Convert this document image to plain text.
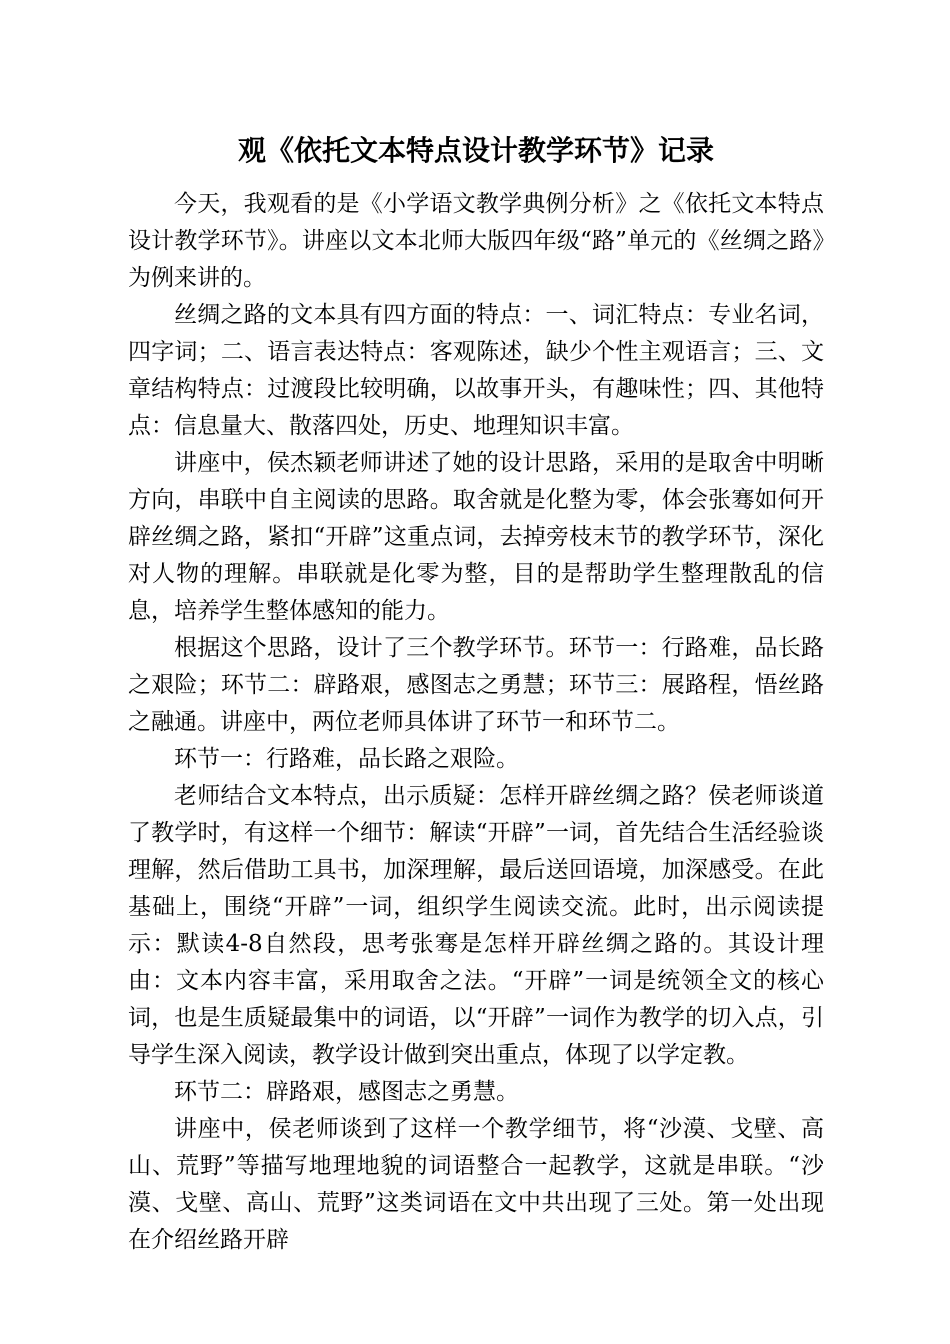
观《依托文本特点设计教学环节》记录

今天，我观看的是《小学语文教学典例分析》之《依托文本特点设计教学环节》。讲座以文本北师大版四年级“路”单元的《丝绸之路》为例来讲的。

丝绸之路的文本具有四方面的特点：一、词汇特点：专业名词，四字词；二、语言表达特点：客观陈述，缺少个性主观语言；三、文章结构特点：过渡段比较明确，以故事开头，有趣味性；四、其他特点：信息量大、散落四处，历史、地理知识丰富。

讲座中，侯杰颖老师讲述了她的设计思路，采用的是取舍中明晰方向，串联中自主阅读的思路。取舍就是化整为零，体会张骞如何开辟丝绸之路，紧扣“开辟”这重点词，去掉旁枝末节的教学环节，深化对人物的理解。串联就是化零为整，目的是帮助学生整理散乱的信息，培养学生整体感知的能力。

根据这个思路，设计了三个教学环节。环节一：行路难，品长路之艰险；环节二：辟路艰，感图志之勇慧；环节三：展路程，悟丝路之融通。讲座中，两位老师具体讲了环节一和环节二。

环节一：行路难，品长路之艰险。

老师结合文本特点，出示质疑：怎样开辟丝绸之路？侯老师谈道了教学时，有这样一个细节：解读“开辟”一词，首先结合生活经验谈理解，然后借助工具书，加深理解，最后送回语境，加深感受。在此基础上，围绕“开辟”一词，组织学生阅读交流。此时，出示阅读提示：默读4-8自然段，思考张骞是怎样开辟丝绸之路的。其设计理由：文本内容丰富，采用取舍之法。“开辟”一词是统领全文的核心词，也是生质疑最集中的词语，以“开辟”一词作为教学的切入点，引导学生深入阅读，教学设计做到突出重点，体现了以学定教。

环节二：辟路艰，感图志之勇慧。

讲座中，侯老师谈到了这样一个教学细节，将“沙漠、戈壁、高山、荒野”等描写地理地貌的词语整合一起教学，这就是串联。“沙漠、戈壁、高山、荒野”这类词语在文中共出现了三处。第一处出现在介绍丝路开辟
